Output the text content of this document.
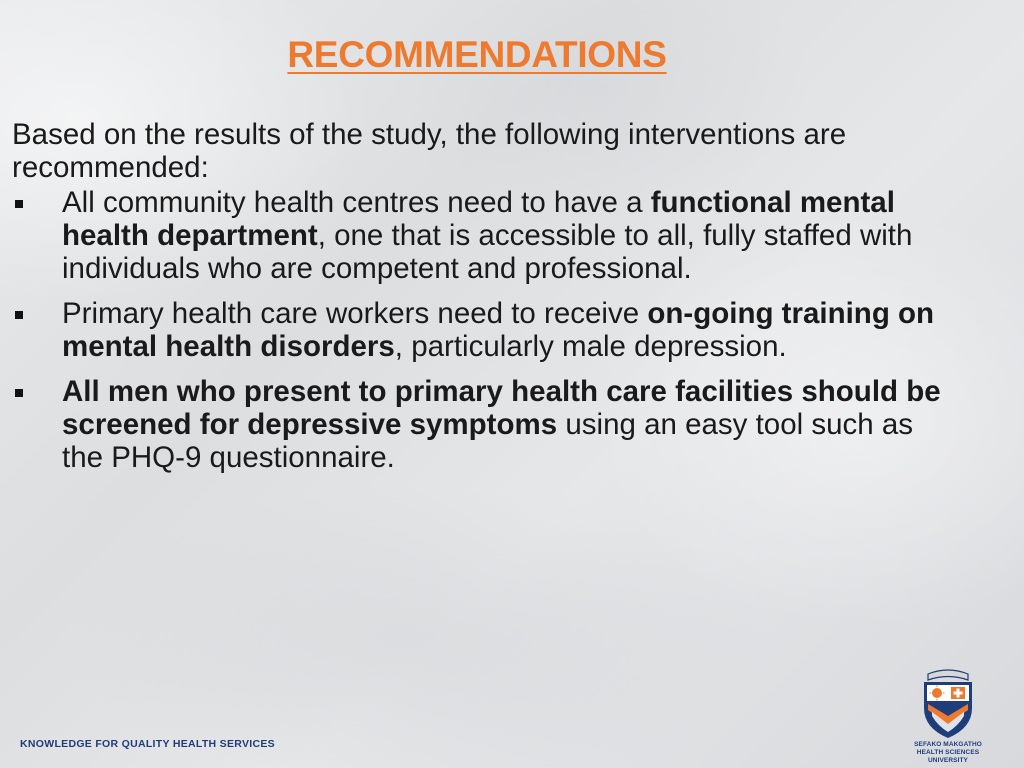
RECOMMENDATIONS

Based on the results of the study, the following interventions are recommended:

All community health centres need to have a functional mental health department, one that is accessible to all, fully staffed with individuals who are competent and professional.
Primary health care workers need to receive on-going training on mental health disorders, particularly male depression.
All men who present to primary health care facilities should be screened for depressive symptoms using an easy tool such as the PHQ-9 questionnaire.
KNOWLEDGE FOR QUALITY HEALTH SERVICES	SEFAKO MAKGATHO
HEALTH SCIENCES UNIVERSITY
